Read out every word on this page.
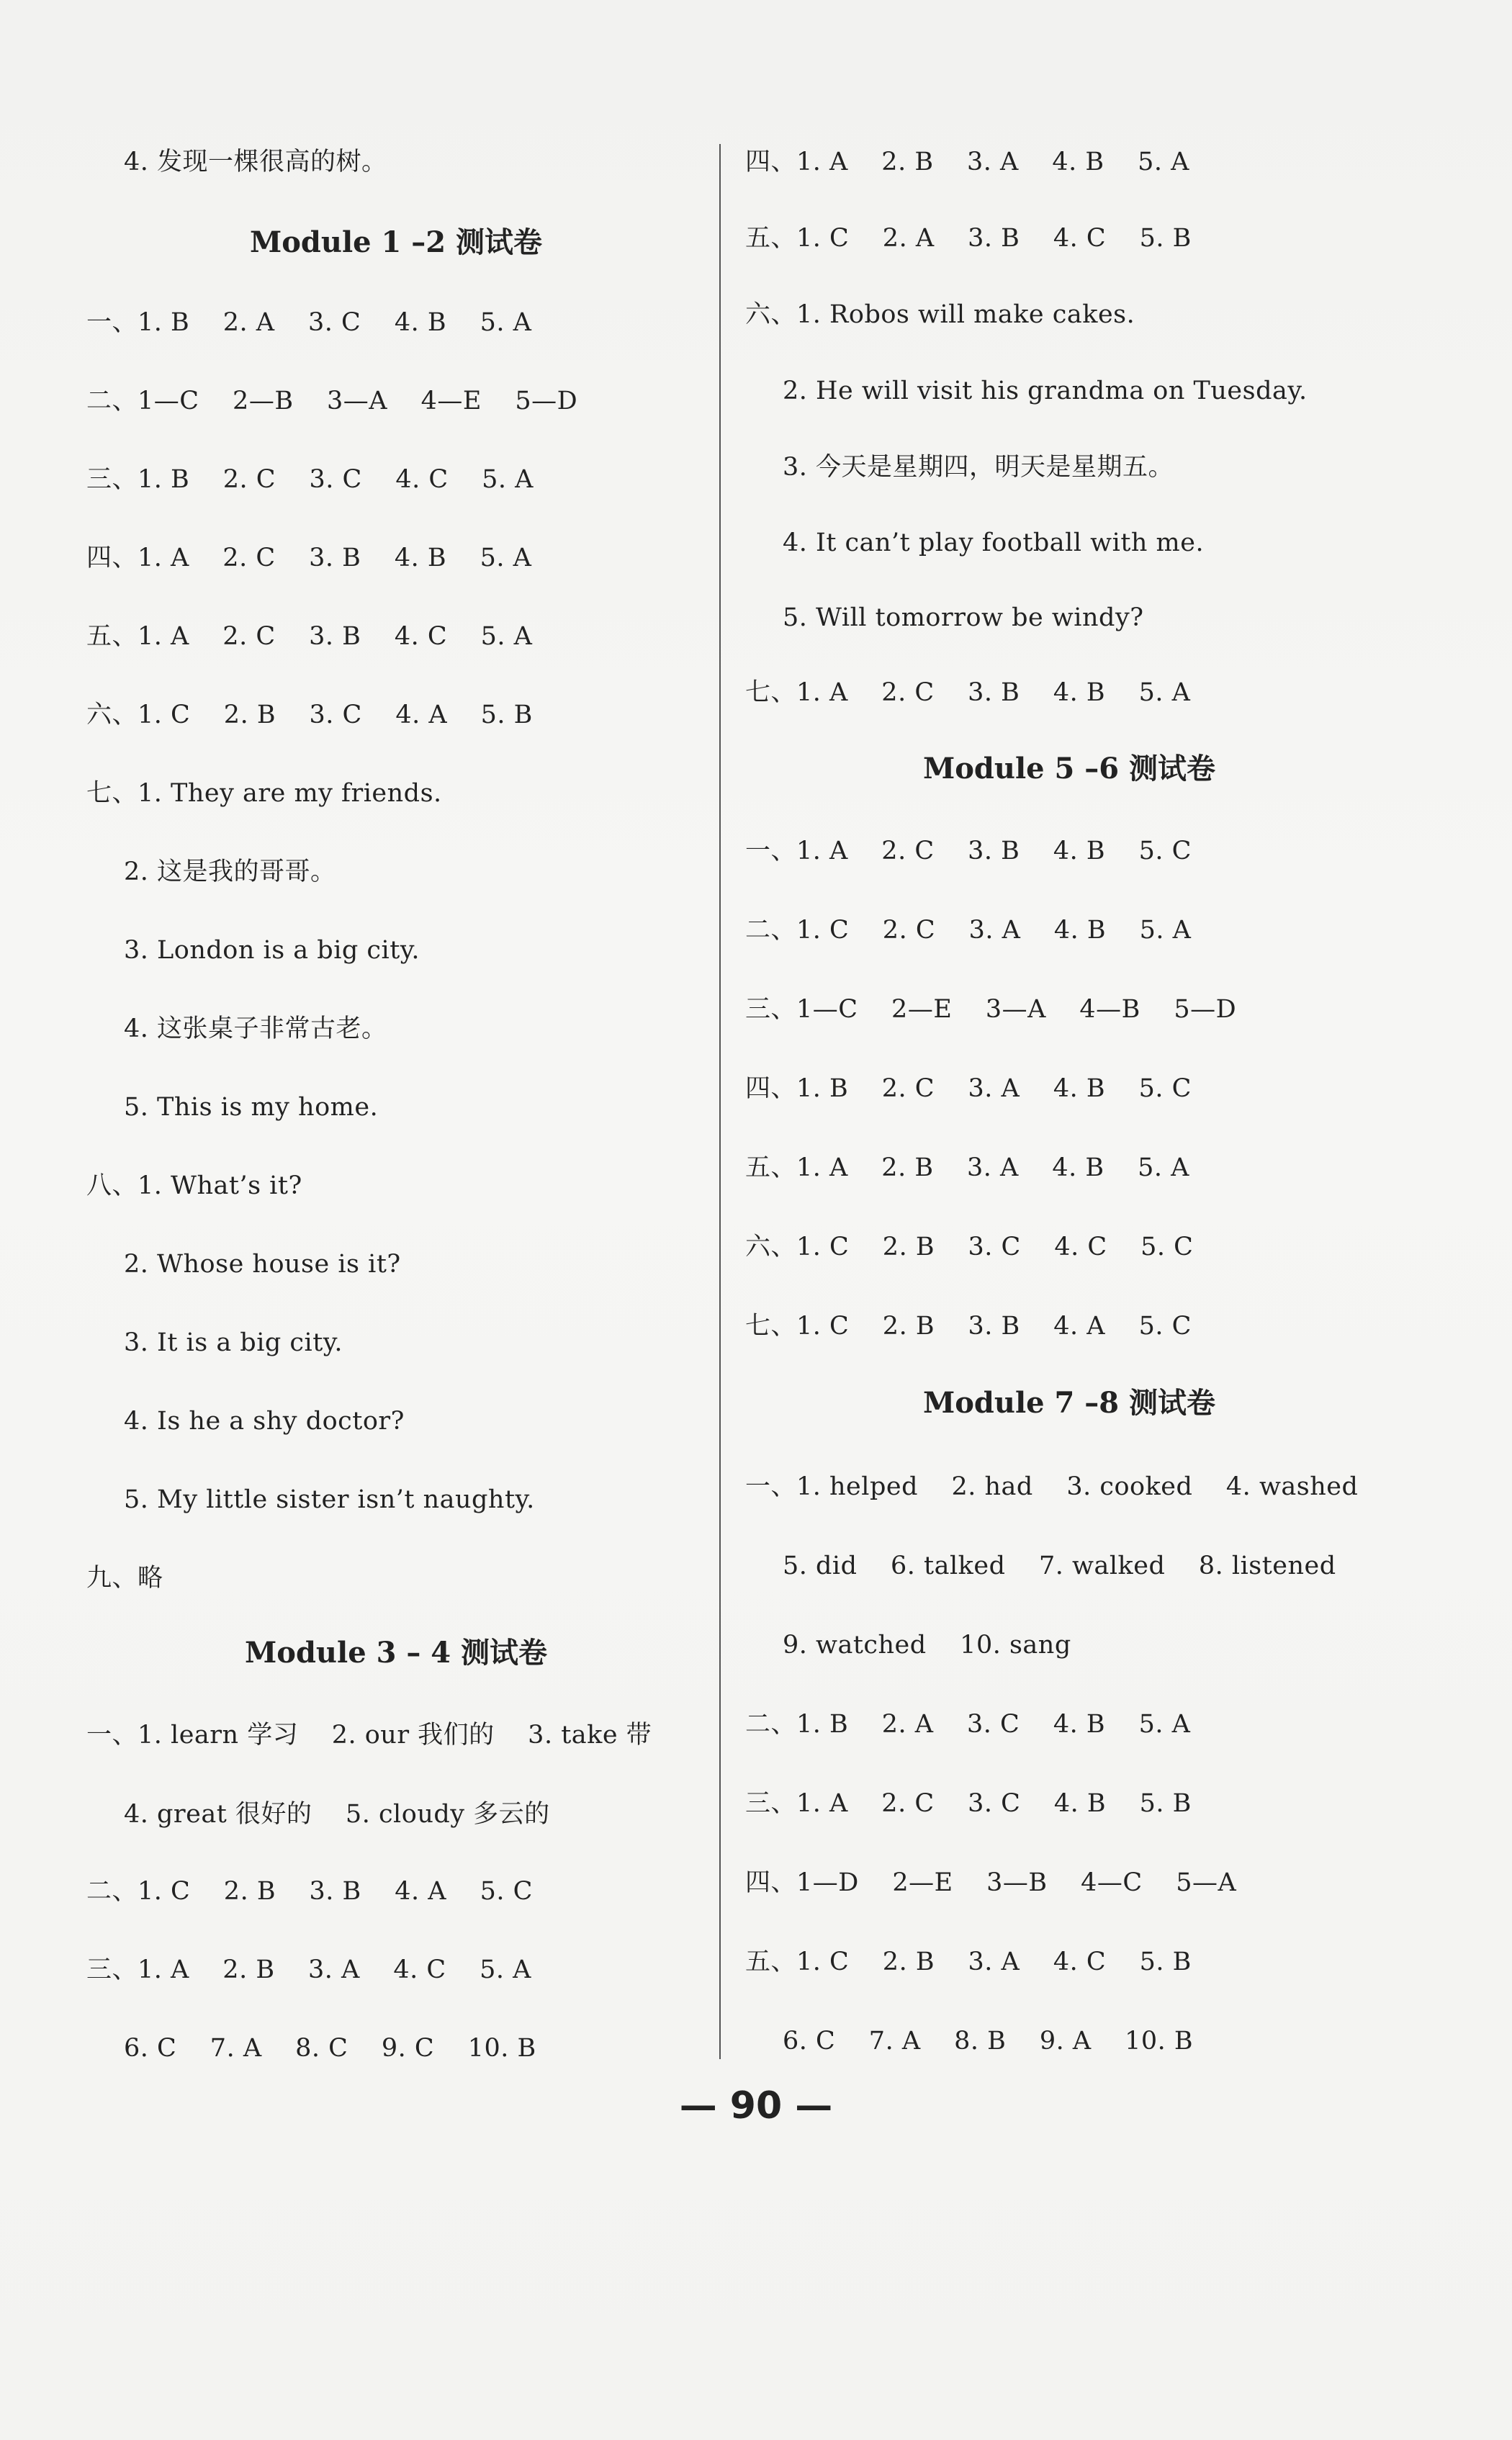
4. 发现一棵很高的树。
Module 1 –2 测试卷
一、1. B    2. A    3. C    4. B    5. A
二、1—C    2—B    3—A    4—E    5—D
三、1. B    2. C    3. C    4. C    5. A
四、1. A    2. C    3. B    4. B    5. A
五、1. A    2. C    3. B    4. C    5. A
六、1. C    2. B    3. C    4. A    5. B
七、1. They are my friends.
2. 这是我的哥哥。
3. London is a big city.
4. 这张桌子非常古老。
5. This is my home.
八、1. What’s it?
2. Whose house is it?
3. It is a big city.
4. Is he a shy doctor?
5. My little sister isn’t naughty.
九、略
Module 3 – 4 测试卷
一、1. learn 学习    2. our 我们的    3. take 带
4. great 很好的    5. cloudy 多云的
二、1. C    2. B    3. B    4. A    5. C
三、1. A    2. B    3. A    4. C    5. A
6. C    7. A    8. C    9. C    10. B
四、1. A    2. B    3. A    4. B    5. A
五、1. C    2. A    3. B    4. C    5. B
六、1. Robos will make cakes.
2. He will visit his grandma on Tuesday.
3. 今天是星期四，明天是星期五。
4. It can’t play football with me.
5. Will tomorrow be windy?
七、1. A    2. C    3. B    4. B    5. A
Module 5 –6 测试卷
一、1. A    2. C    3. B    4. B    5. C
二、1. C    2. C    3. A    4. B    5. A
三、1—C    2—E    3—A    4—B    5—D
四、1. B    2. C    3. A    4. B    5. C
五、1. A    2. B    3. A    4. B    5. A
六、1. C    2. B    3. C    4. C    5. C
七、1. C    2. B    3. B    4. A    5. C
Module 7 –8 测试卷
一、1. helped    2. had    3. cooked    4. washed
5. did    6. talked    7. walked    8. listened
9. watched    10. sang
二、1. B    2. A    3. C    4. B    5. A
三、1. A    2. C    3. C    4. B    5. B
四、1—D    2—E    3—B    4—C    5—A
五、1. C    2. B    3. A    4. C    5. B
6. C    7. A    8. B    9. A    10. B
— 90 —
